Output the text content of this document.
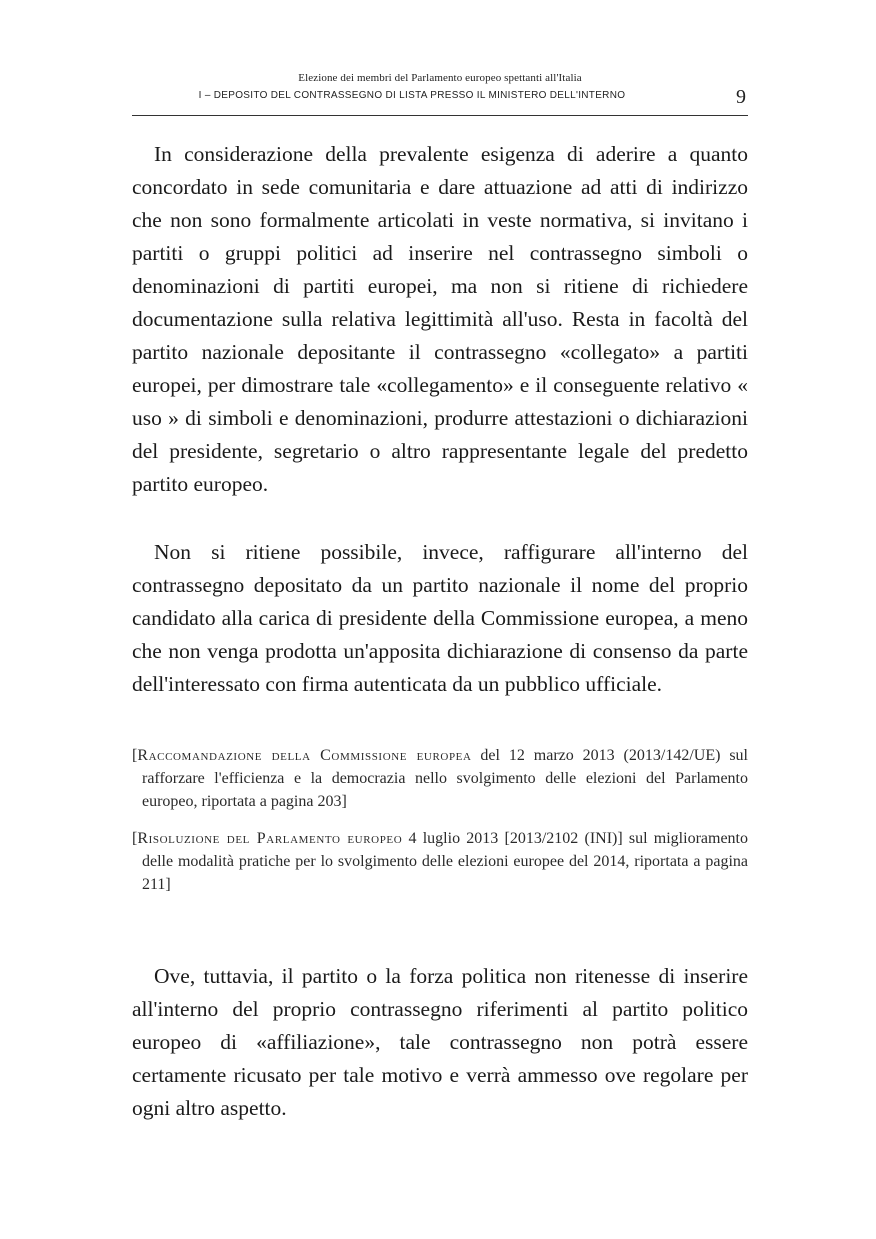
Elezione dei membri del Parlamento europeo spettanti all'Italia
I – DEPOSITO DEL CONTRASSEGNO DI LISTA PRESSO IL MINISTERO DELL'INTERNO	9

In considerazione della prevalente esigenza di aderire a quanto concordato in sede comunitaria e dare attuazione ad atti di indirizzo che non sono formalmente articolati in veste normativa, si invitano i partiti o gruppi politici ad inserire nel contrassegno simboli o denominazioni di partiti europei, ma non si ritiene di richiedere documentazione sulla relativa legittimità all'uso. Resta in facoltà del partito nazionale depositante il contrassegno «collegato» a partiti europei, per dimostrare tale «collegamento» e il conseguente relativo « uso » di simboli e denominazioni, produrre attestazioni o dichiarazioni del presidente, segretario o altro rappresentante legale del predetto partito europeo.

Non si ritiene possibile, invece, raffigurare all'interno del contrassegno depositato da un partito nazionale il nome del proprio candidato alla carica di presidente della Commissione europea, a meno che non venga prodotta un'apposita dichiarazione di consenso da parte dell'interessato con firma autenticata da un pubblico ufficiale.

[Raccomandazione della Commissione europea del 12 marzo 2013 (2013/142/UE) sul rafforzare l'efficienza e la democrazia nello svolgimento delle elezioni del Parlamento europeo, riportata a pagina 203]

[Risoluzione del Parlamento europeo 4 luglio 2013 [2013/2102 (INI)] sul miglioramento delle modalità pratiche per lo svolgimento delle elezioni europee del 2014, riportata a pagina 211]

Ove, tuttavia, il partito o la forza politica non ritenesse di inserire all'interno del proprio contrassegno riferimenti al partito politico europeo di «affiliazione», tale contrassegno non potrà essere certamente ricusato per tale motivo e verrà ammesso ove regolare per ogni altro aspetto.
